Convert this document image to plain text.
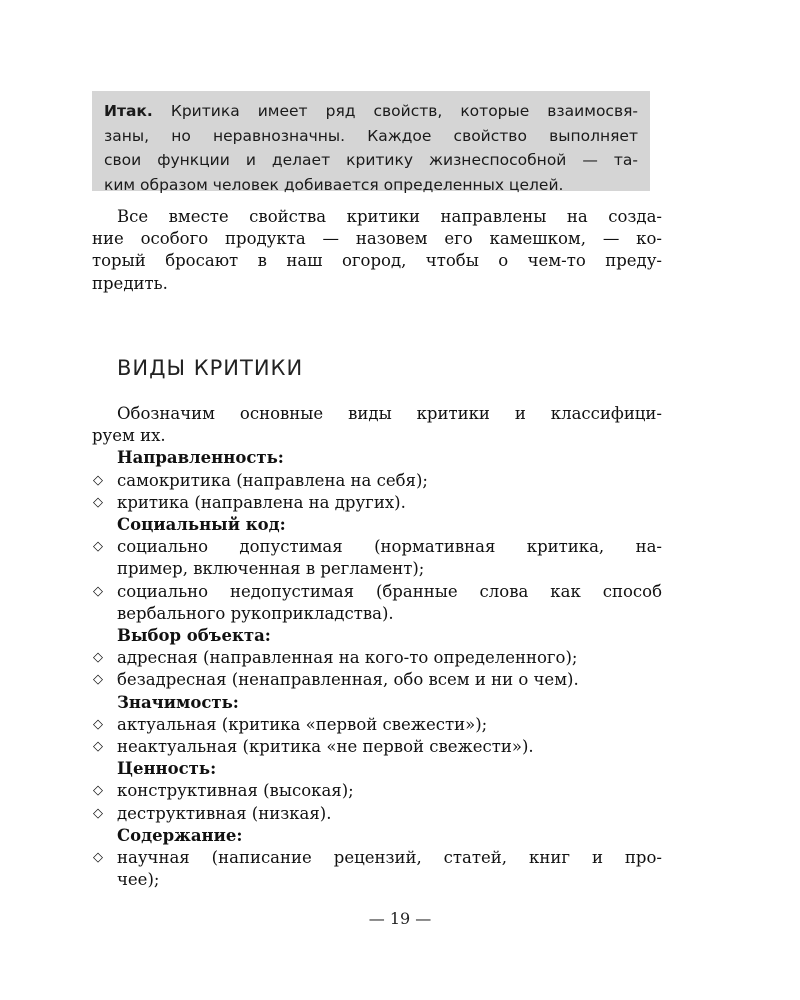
Итак. Критика имеет ряд свойств, которые взаимосвя-
заны, но неравнозначны. Каждое свойство выполняет
свои функции и делает критику жизнеспособной — та-
ким образом человек добивается определенных целей.
Все вместе свойства критики направлены на созда-
ние особого продукта — назовем его камешком, — ко-
торый бросают в наш огород, чтобы о чем-то преду-
предить.
ВИДЫ КРИТИКИ
Обозначим основные виды критики и классифици-
руем их.
Направленность:
◇ самокритика (направлена на себя);
◇ критика (направлена на других).
Социальный код:
◇ социально допустимая (нормативная критика, на-
пример, включенная в регламент);
◇ социально недопустимая (бранные слова как способ
вербального рукоприкладства).
Выбор объекта:
◇ адресная (направленная на кого-то определенного);
◇ безадресная (ненаправленная, обо всем и ни о чем).
Значимость:
◇ актуальная (критика «первой свежести»);
◇ неактуальная (критика «не первой свежести»).
Ценность:
◇ конструктивная (высокая);
◇ деструктивная (низкая).
Содержание:
◇ научная (написание рецензий, статей, книг и про-
чее);
— 19 —
